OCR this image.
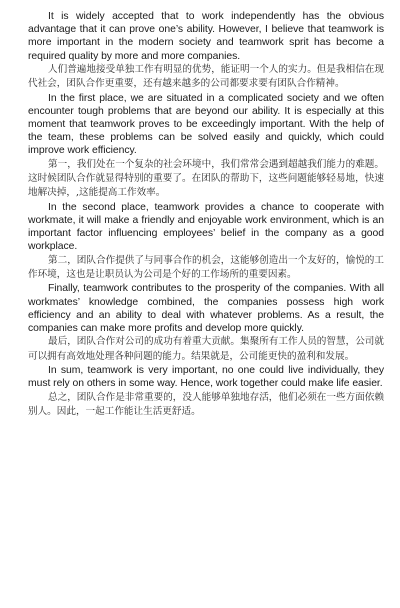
It is widely accepted that to work independently has the obvious advantage that it can prove one’s ability. However, I believe that teamwork is more important in the modern society and teamwork sprit has become a required quality by more and more companies.

人们普遍地接受单独工作有明显的优势，能证明一个人的实力。但是我相信在现代社会，团队合作更重要，还有越来越多的公司都要求要有团队合作精神。

In the first place, we are situated in a complicated society and we often encounter tough problems that are beyond our ability. It is especially at this moment that teamwork proves to be exceedingly important. With the help of the team, these problems can be solved easily and quickly, which could improve work efficiency.

第一，我们处在一个复杂的社会环境中，我们常常会遇到超越我们能力的难题。这时候团队合作就显得特别的重要了。在团队的帮助下，这些问题能够轻易地，快速地解决掉，,这能提高工作效率。

In the second place, teamwork provides a chance to cooperate with workmate, it will make a friendly and enjoyable work environment, which is an important factor influencing employees’ belief in the company as a good workplace.

第二，团队合作提供了与同事合作的机会，这能够创造出一个友好的，愉悦的工作环境，这也是让职员认为公司是个好的工作场所的重要因素。

Finally, teamwork contributes to the prosperity of the companies. With all workmates’ knowledge combined, the companies possess high work efficiency and an ability to deal with whatever problems. As a result, the companies can make more profits and develop more quickly.

最后，团队合作对公司的成功有着重大贡献。集聚所有工作人员的智慧，公司就可以拥有高效地处理各种问题的能力。结果就是，公司能更快的盈利和发展。

In sum, teamwork is very important, no one could live individually, they must rely on others in some way. Hence, work together could make life easier.

总之，团队合作是非常重要的，没人能够单独地存活，他们必须在一些方面依赖别人。因此，一起工作能让生活更舒适。
